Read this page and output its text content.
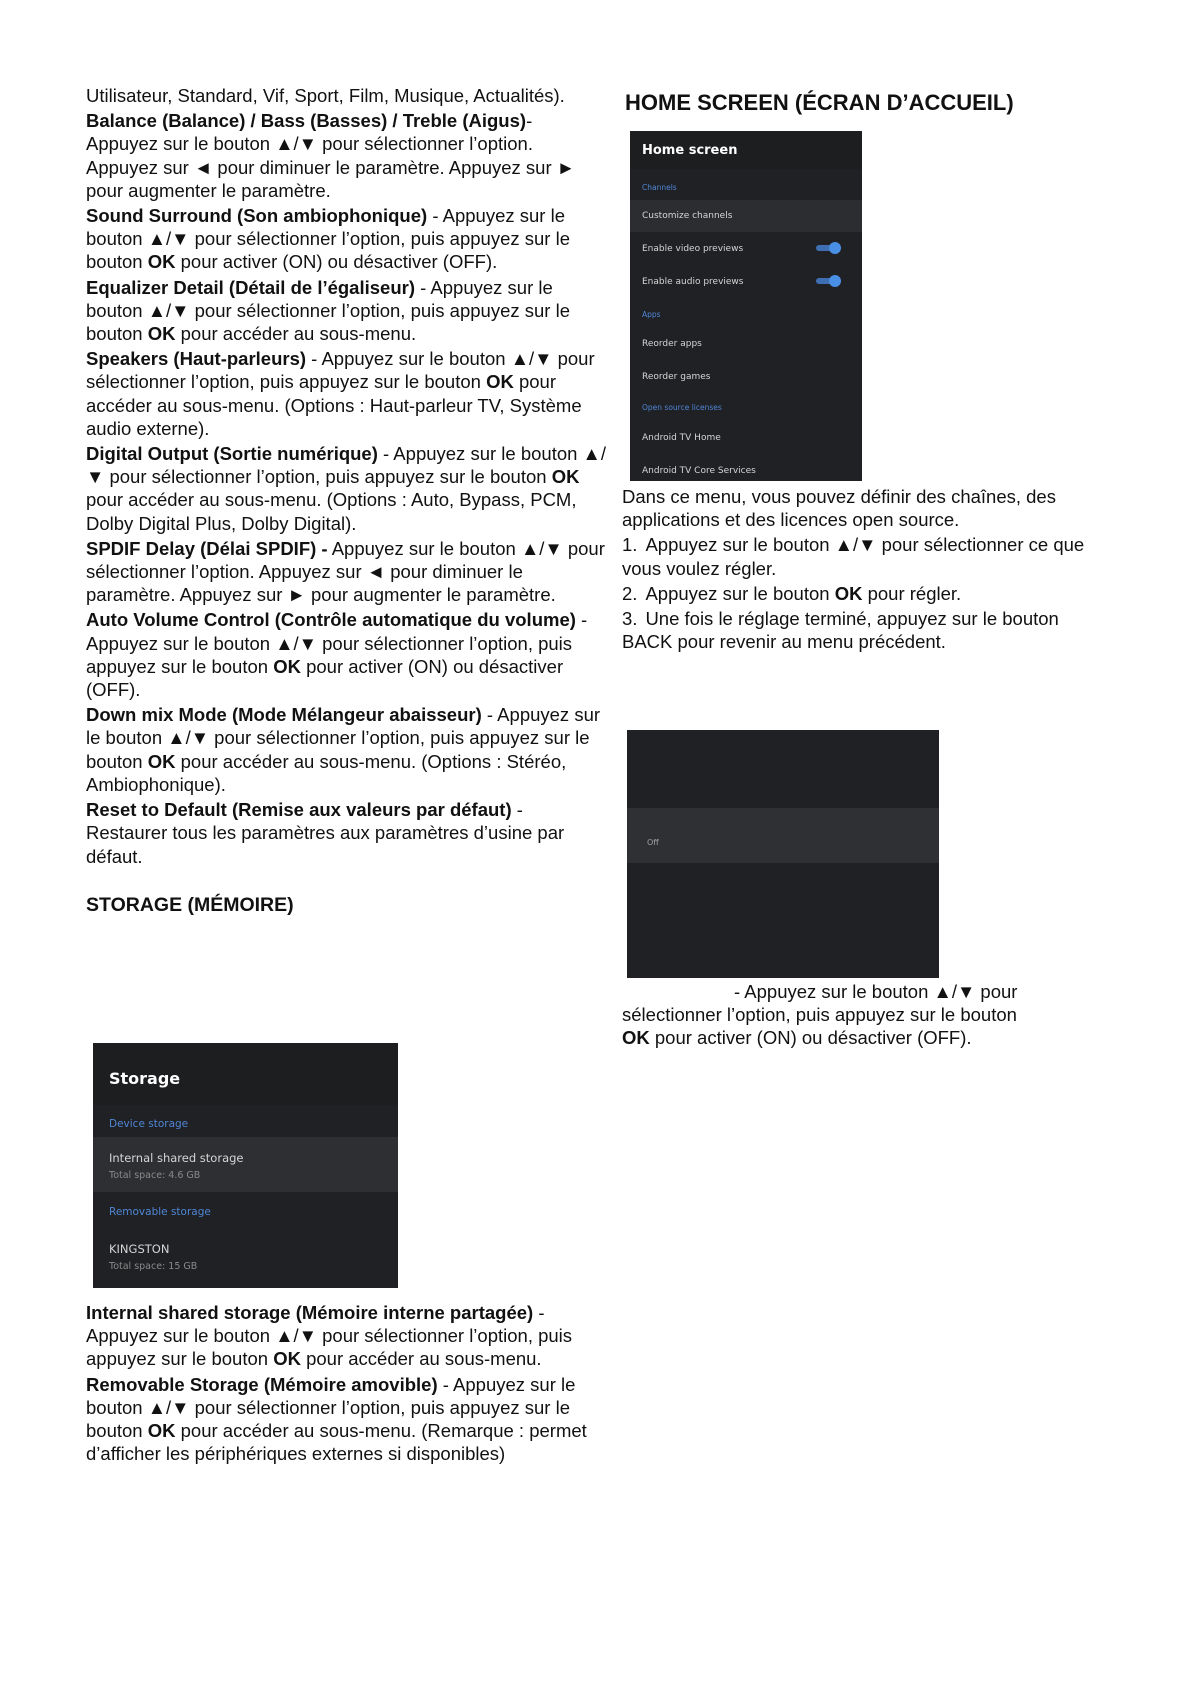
Utilisateur, Standard, Vif, Sport, Film, Musique, Actualités).

Balance (Balance) / Bass (Basses) / Treble (Aigus)- Appuyez sur le bouton ▲/▼ pour sélectionner l’option. Appuyez sur ◄ pour diminuer le paramètre. Appuyez sur ► pour augmenter le paramètre.

Sound Surround (Son ambiophonique) - Appuyez sur le bouton ▲/▼ pour sélectionner l’option, puis appuyez sur le bouton OK pour activer (ON) ou désactiver (OFF).

Equalizer Detail (Détail de l’égaliseur) - Appuyez sur le bouton ▲/▼ pour sélectionner l’option, puis appuyez sur le bouton OK pour accéder au sous-menu.

Speakers (Haut-parleurs) - Appuyez sur le bouton ▲/▼ pour sélectionner l’option, puis appuyez sur le bouton OK pour accéder au sous-menu. (Options : Haut-parleur TV, Système audio externe).

Digital Output (Sortie numérique) - Appuyez sur le bouton ▲/▼ pour sélectionner l’option, puis appuyez sur le bouton OK pour accéder au sous-menu. (Options : Auto, Bypass, PCM, Dolby Digital Plus, Dolby Digital).

SPDIF Delay (Délai SPDIF) - Appuyez sur le bouton ▲/▼ pour sélectionner l’option. Appuyez sur ◄ pour diminuer le paramètre. Appuyez sur ► pour augmenter le paramètre.

Auto Volume Control (Contrôle automatique du volume) - Appuyez sur le bouton ▲/▼ pour sélectionner l’option, puis appuyez sur le bouton OK pour activer (ON) ou désactiver (OFF).

Down mix Mode (Mode Mélangeur abaisseur) - Appuyez sur le bouton ▲/▼ pour sélectionner l’option, puis appuyez sur le bouton OK pour accéder au sous-menu. (Options : Stéréo, Ambiophonique).

Reset to Default (Remise aux valeurs par défaut) - Restaurer tous les paramètres aux paramètres d’usine par défaut.

STORAGE (MÉMOIRE)
Storage
Device storage
Internal shared storage
Total space: 4.6 GB
Removable storage
KINGSTON
Total space: 15 GB

Internal shared storage (Mémoire interne partagée) - Appuyez sur le bouton ▲/▼ pour sélectionner l’option, puis appuyez sur le bouton OK pour accéder au sous-menu.

Removable Storage (Mémoire amovible) - Appuyez sur le bouton ▲/▼ pour sélectionner l’option, puis appuyez sur le bouton OK pour accéder au sous-menu. (Remarque : permet d’afficher les périphériques externes si disponibles)

HOME SCREEN (ÉCRAN D’ACCUEIL)
Home screen
Channels
Customize channels
Enable video previews
Enable audio previews
Apps
Reorder apps
Reorder games
Open source licenses
Android TV Home
Android TV Core Services

Dans ce menu, vous pouvez définir des chaînes, des applications et des licences open source.

1. Appuyez sur le bouton ▲/▼ pour sélectionner ce que vous voulez régler.

2. Appuyez sur le bouton OK pour régler.

3. Une fois le réglage terminé, appuyez sur le bouton BACK pour revenir au menu précédent.

Off

- Appuyez sur le bouton ▲/▼ pour sélectionner l’option, puis appuyez sur le bouton
OK pour activer (ON) ou désactiver (OFF).
